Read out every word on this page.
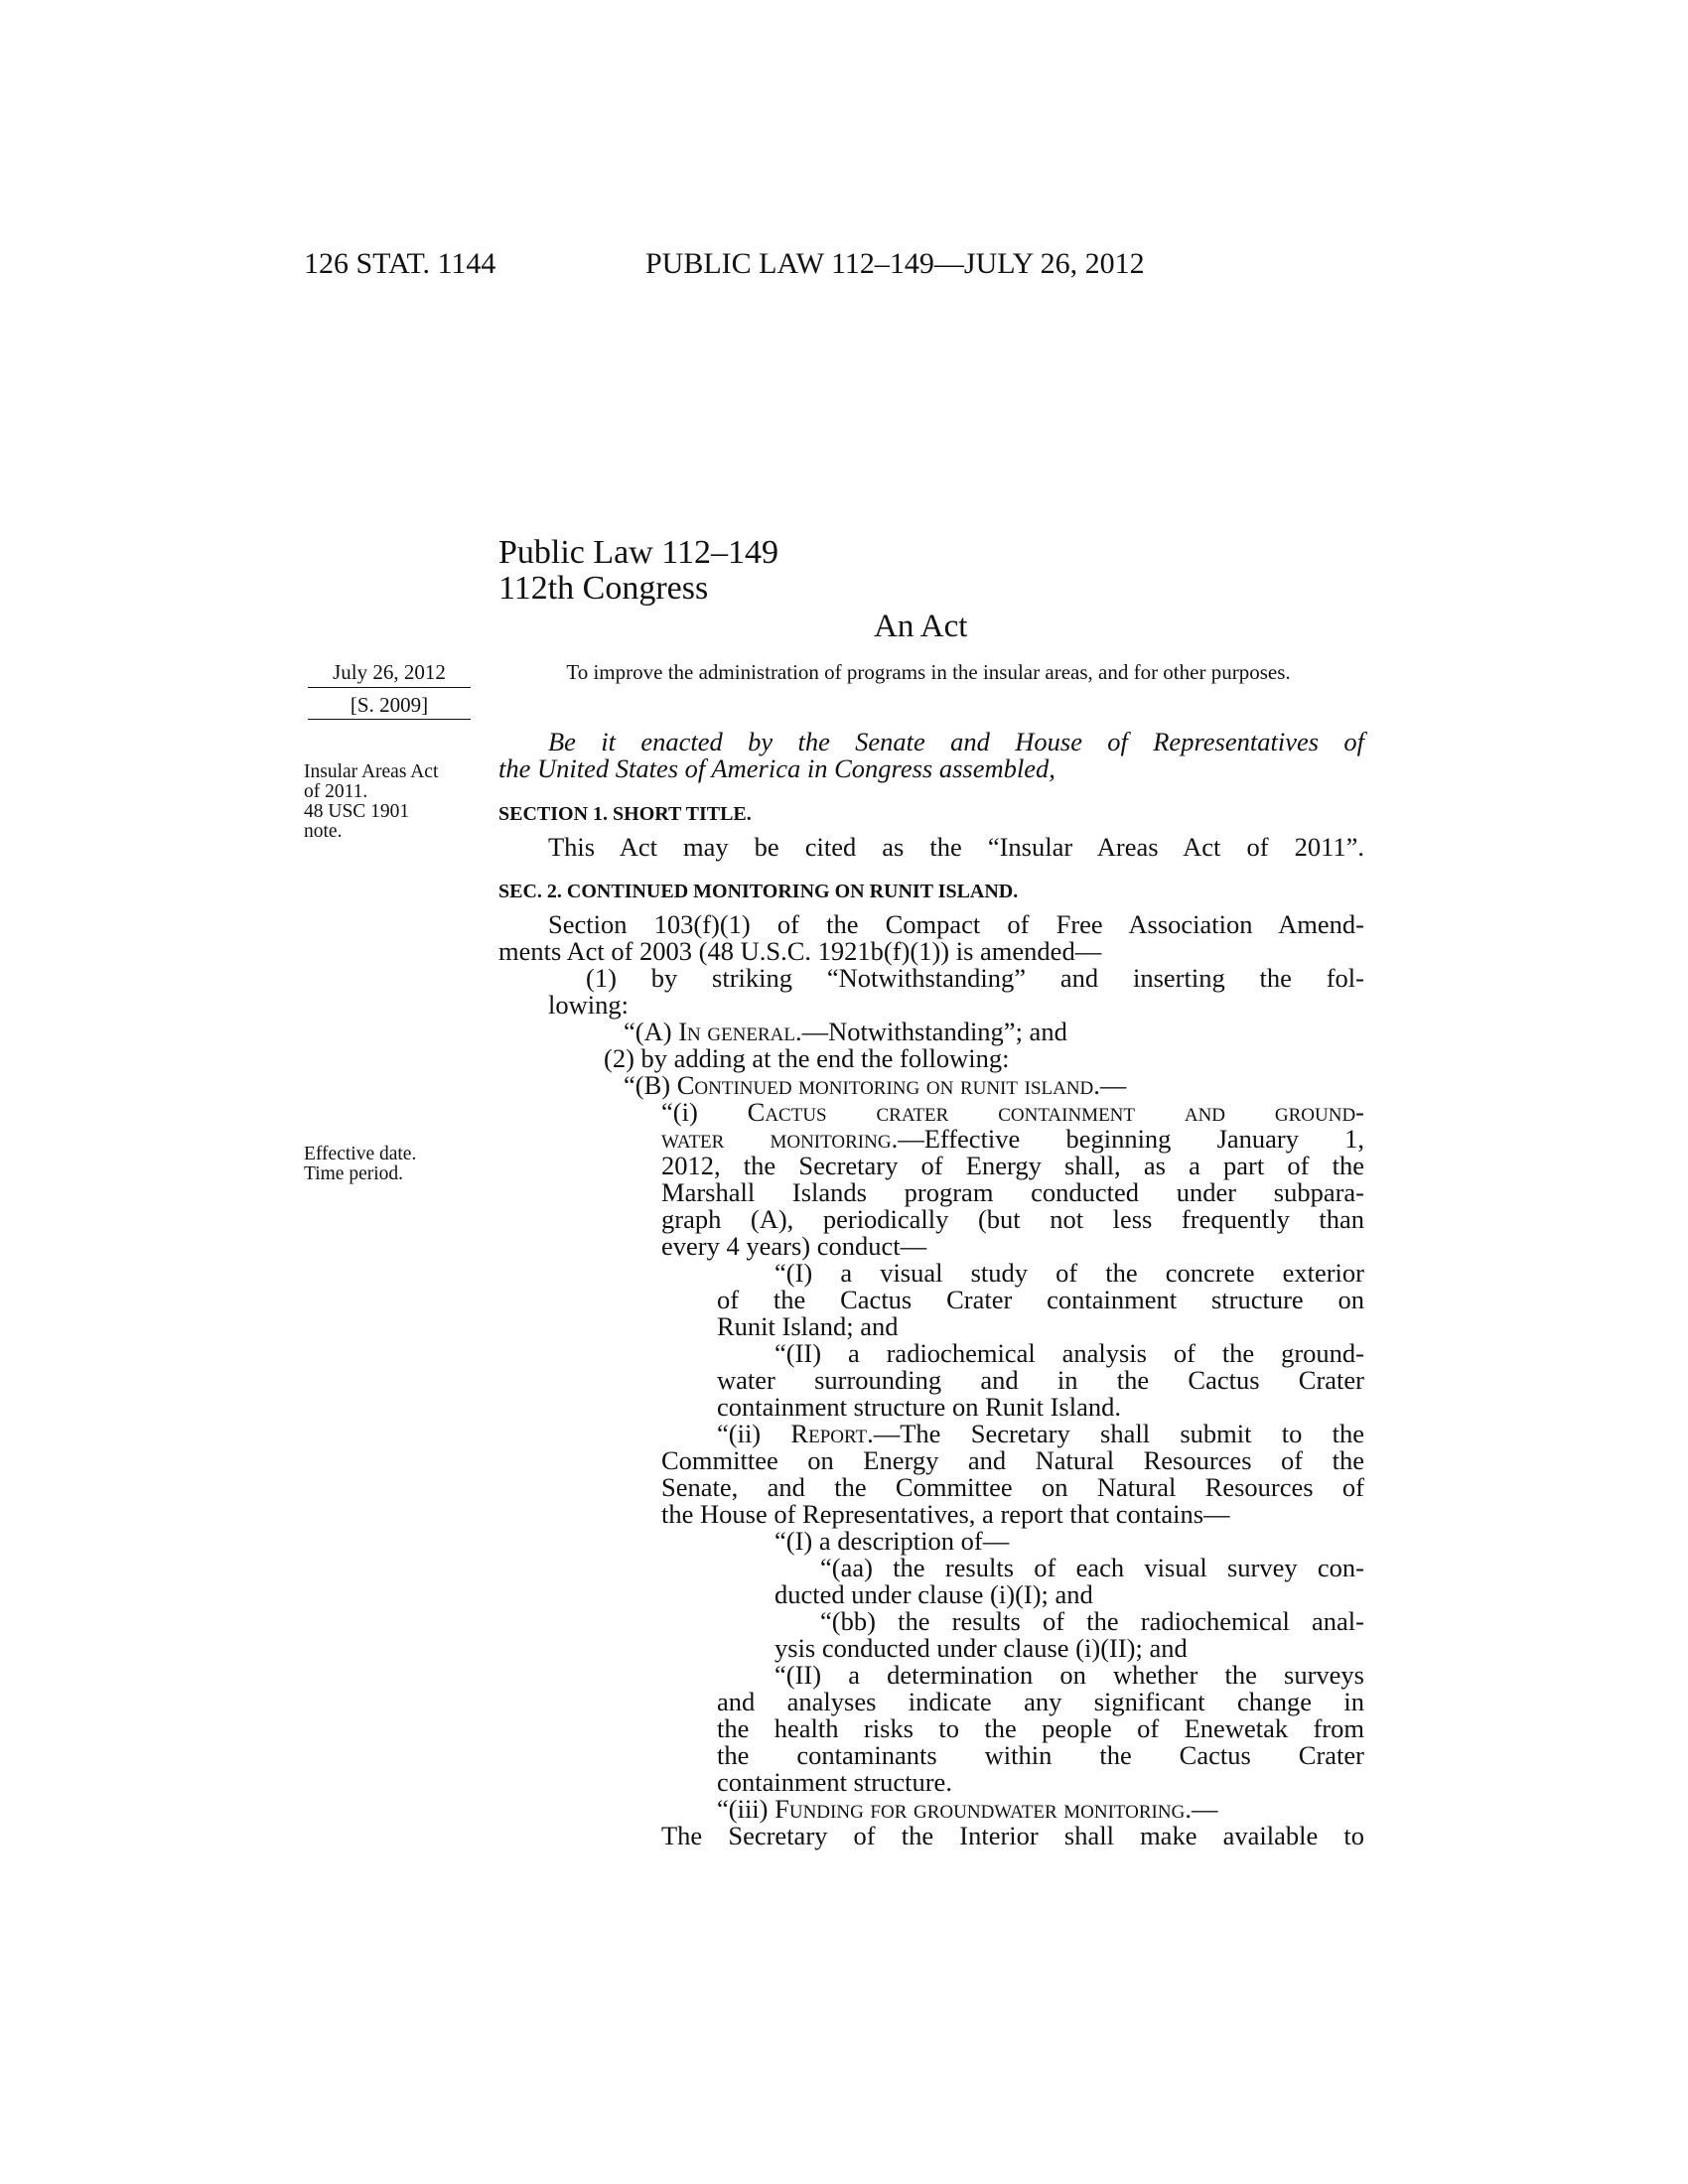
126 STAT. 1144	PUBLIC LAW 112–149—JULY 26, 2012
Public Law 112–149
112th Congress
An Act
To improve the administration of programs in the insular areas, and for other purposes.
July 26, 2012
[S. 2009]
Insular Areas Act
of 2011.
48 USC 1901
note.
Effective date.
Time period.
Be it enacted by the Senate and House of Representatives of
the United States of America in Congress assembled,
SECTION 1. SHORT TITLE.
This Act may be cited as the “Insular Areas Act of 2011”.
SEC. 2. CONTINUED MONITORING ON RUNIT ISLAND.
Section 103(f)(1) of the Compact of Free Association Amend-
ments Act of 2003 (48 U.S.C. 1921b(f)(1)) is amended—
(1) by striking “Notwithstanding” and inserting the fol-
lowing:
“(A) In general.—Notwithstanding”; and
(2) by adding at the end the following:
“(B) Continued monitoring on runit island.—
“(i) Cactus crater containment and ground-
water monitoring.—Effective beginning January 1,
2012, the Secretary of Energy shall, as a part of the
Marshall Islands program conducted under subpara-
graph (A), periodically (but not less frequently than
every 4 years) conduct—
“(I) a visual study of the concrete exterior
of the Cactus Crater containment structure on
Runit Island; and
“(II) a radiochemical analysis of the ground-
water surrounding and in the Cactus Crater
containment structure on Runit Island.
“(ii) Report.—The Secretary shall submit to the
Committee on Energy and Natural Resources of the
Senate, and the Committee on Natural Resources of
the House of Representatives, a report that contains—
“(I) a description of—
“(aa) the results of each visual survey con-
ducted under clause (i)(I); and
“(bb) the results of the radiochemical anal-
ysis conducted under clause (i)(II); and
“(II) a determination on whether the surveys
and analyses indicate any significant change in
the health risks to the people of Enewetak from
the contaminants within the Cactus Crater
containment structure.
“(iii) Funding for groundwater monitoring.—
The Secretary of the Interior shall make available to
